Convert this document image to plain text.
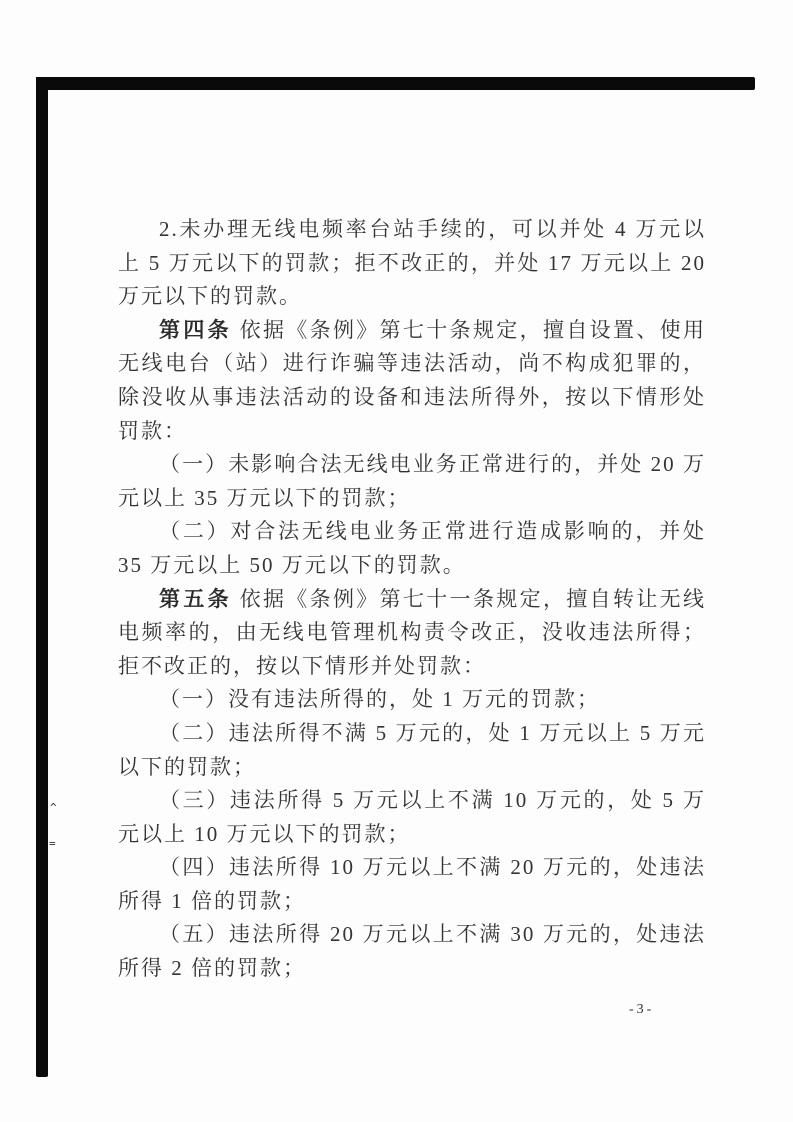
^
=

2.未办理无线电频率台站手续的，可以并处 4 万元以上 5 万元以下的罚款；拒不改正的，并处 17 万元以上 20 万元以下的罚款。

第四条 依据《条例》第七十条规定，擅自设置、使用无线电台（站）进行诈骗等违法活动，尚不构成犯罪的，除没收从事违法活动的设备和违法所得外，按以下情形处罚款：

（一）未影响合法无线电业务正常进行的，并处 20 万元以上 35 万元以下的罚款；

（二）对合法无线电业务正常进行造成影响的，并处 35 万元以上 50 万元以下的罚款。

第五条 依据《条例》第七十一条规定，擅自转让无线电频率的，由无线电管理机构责令改正，没收违法所得；拒不改正的，按以下情形并处罚款：

（一）没有违法所得的，处 1 万元的罚款；

（二）违法所得不满 5 万元的，处 1 万元以上 5 万元以下的罚款；

（三）违法所得 5 万元以上不满 10 万元的，处 5 万元以上 10 万元以下的罚款；

（四）违法所得 10 万元以上不满 20 万元的，处违法所得 1 倍的罚款；

（五）违法所得 20 万元以上不满 30 万元的，处违法所得 2 倍的罚款；

-3-
